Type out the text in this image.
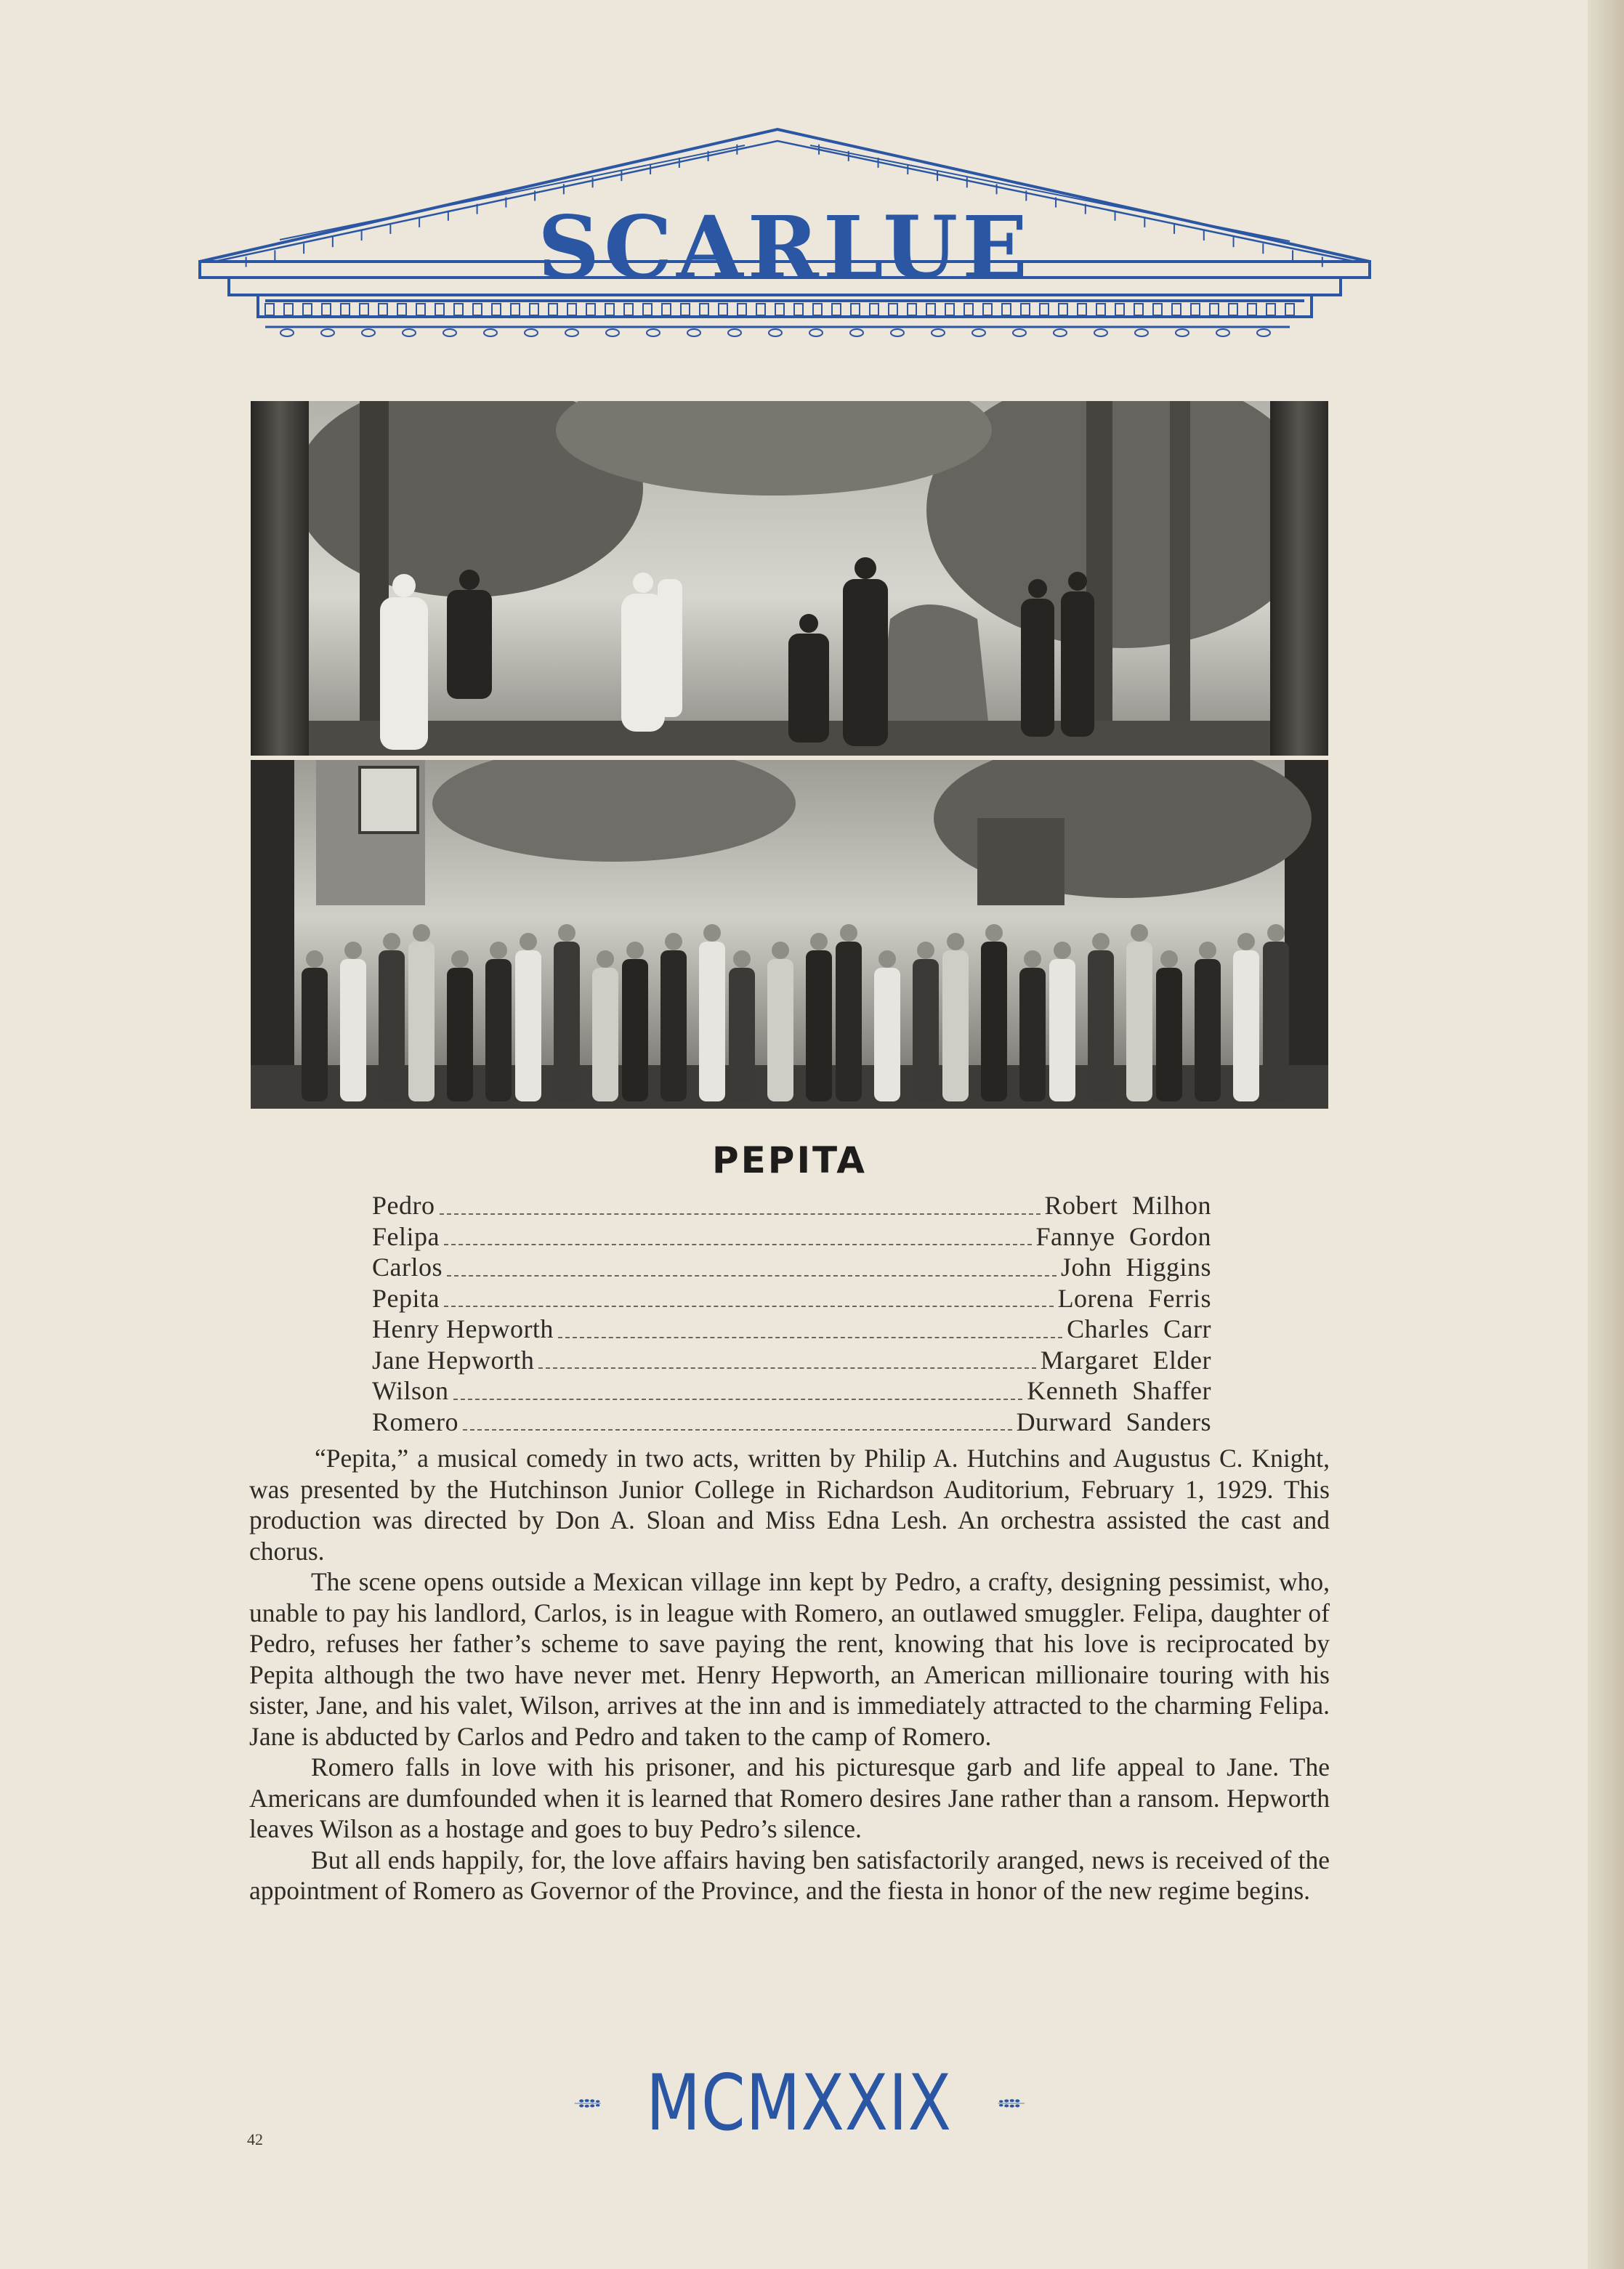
SCARLUE
PEPITA
Pedro	Robert Milhon
Felipa	Fannye Gordon
Carlos	John Higgins
Pepita	Lorena Ferris
Henry Hepworth	Charles Carr
Jane Hepworth	Margaret Elder
Wilson	Kenneth Shaffer
Romero	Durward Sanders

“Pepita,” a musical comedy in two acts, written by Philip A. Hutchins and Augustus C. Knight, was presented by the Hutchinson Junior College in Richardson Auditorium, February 1, 1929. This production was directed by Don A. Sloan and Miss Edna Lesh. An orchestra assisted the cast and chorus.

The scene opens outside a Mexican village inn kept by Pedro, a crafty, designing pessimist, who, unable to pay his landlord, Carlos, is in league with Romero, an outlawed smuggler. Felipa, daughter of Pedro, refuses her father’s scheme to save paying the rent, knowing that his love is reciprocated by Pepita although the two have never met. Henry Hepworth, an American millionaire touring with his sister, Jane, and his valet, Wilson, arrives at the inn and is immediately attracted to the charming Felipa. Jane is abducted by Carlos and Pedro and taken to the camp of Romero.

Romero falls in love with his prisoner, and his picturesque garb and life appeal to Jane. The Americans are dumfounded when it is learned that Romero desires Jane rather than a ransom. Hepworth leaves Wilson as a hostage and goes to buy Pedro’s silence.

But all ends happily, for, the love affairs having ben satisfactorily aranged, news is received of the appointment of Romero as Governor of the Province, and the fiesta in honor of the new regime begins.

MCMXXIX
42
